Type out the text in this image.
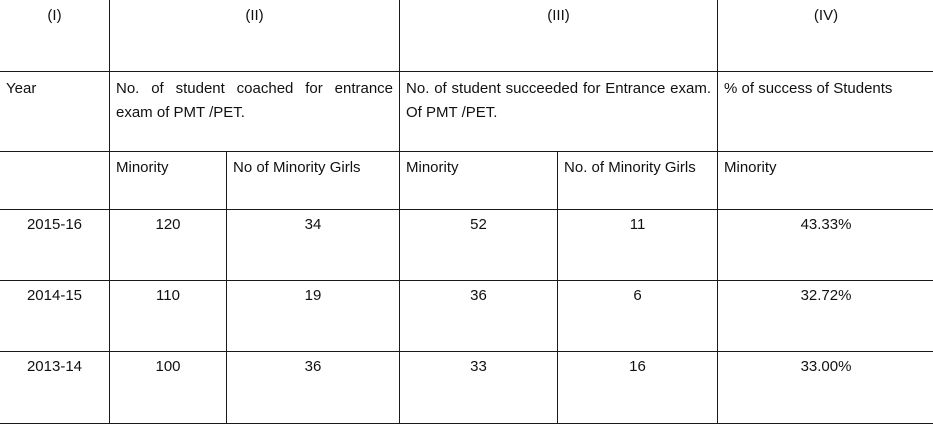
(I)	(II)		(III)		(IV)
Year	No. of student coached for entrance exam of PMT /PET.		No. of student succeeded for Entrance exam. Of PMT /PET.		% of success of Students
	Minority	No of Minority Girls	Minority	No. of Minority Girls	Minority
2015-16	120	34	52	11	43.33%
2014-15	110	19	36	6	32.72%
2013-14	100	36	33	16	33.00%
